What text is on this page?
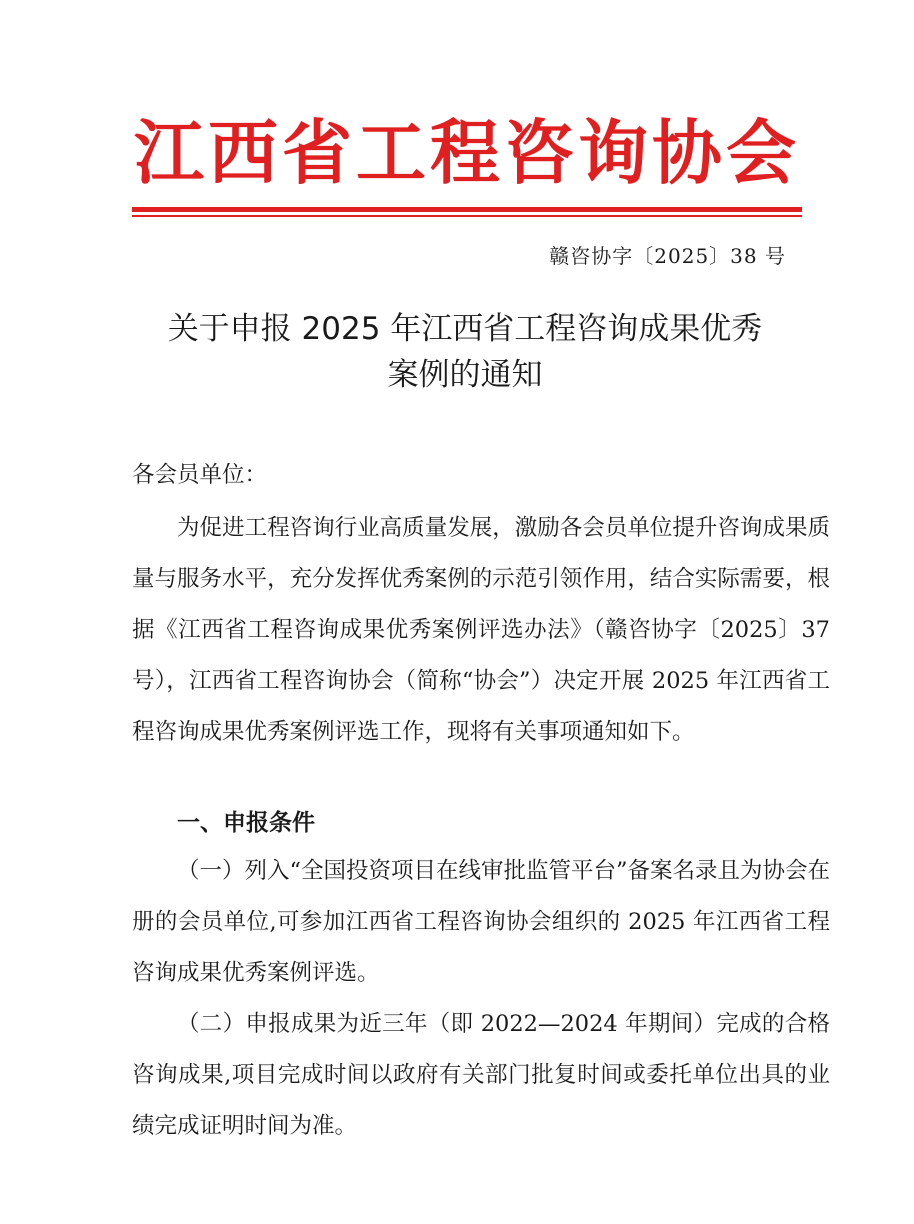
江西省工程咨询协会
赣咨协字〔2025〕38 号
关于申报 2025 年江西省工程咨询成果优秀
案例的通知
各会员单位：
为促进工程咨询行业高质量发展，激励各会员单位提升咨询成果质量与服务水平，充分发挥优秀案例的示范引领作用，结合实际需要，根据《江西省工程咨询成果优秀案例评选办法》（赣咨协字〔2025〕37 号），江西省工程咨询协会（简称“协会”）决定开展 2025 年江西省工程咨询成果优秀案例评选工作，现将有关事项通知如下。
一、申报条件
（一）列入“全国投资项目在线审批监管平台”备案名录且为协会在册的会员单位,可参加江西省工程咨询协会组织的 2025 年江西省工程咨询成果优秀案例评选。
（二）申报成果为近三年（即 2022—2024 年期间）完成的合格咨询成果,项目完成时间以政府有关部门批复时间或委托单位出具的业绩完成证明时间为准。
